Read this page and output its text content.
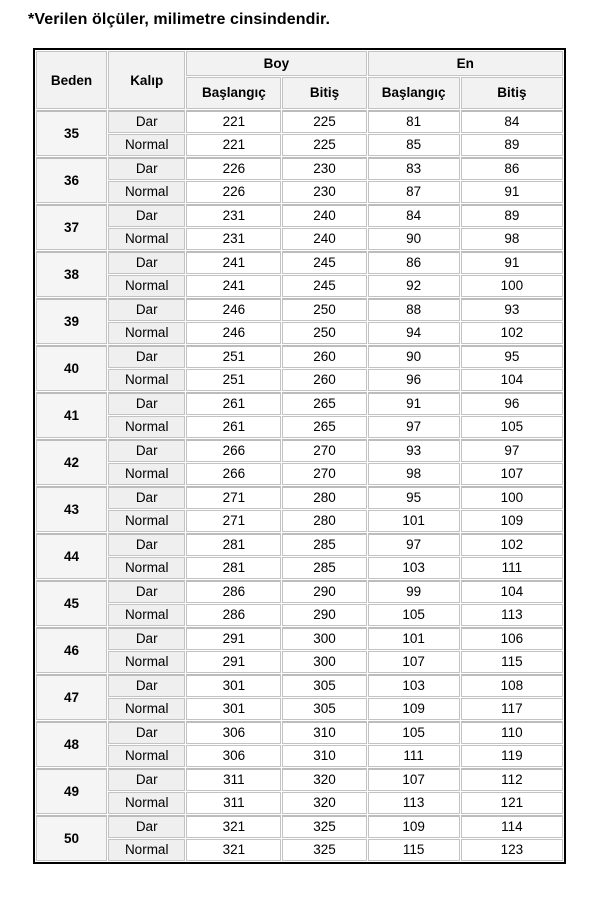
*Verilen ölçüler, milimetre cinsindendir.

Beden	Kalıp	Boy		En	
		Başlangıç	Bitiş	Başlangıç	Bitiş
35	Dar	221	225	81	84
	Normal	221	225	85	89
36	Dar	226	230	83	86
	Normal	226	230	87	91
37	Dar	231	240	84	89
	Normal	231	240	90	98
38	Dar	241	245	86	91
	Normal	241	245	92	100
39	Dar	246	250	88	93
	Normal	246	250	94	102
40	Dar	251	260	90	95
	Normal	251	260	96	104
41	Dar	261	265	91	96
	Normal	261	265	97	105
42	Dar	266	270	93	97
	Normal	266	270	98	107
43	Dar	271	280	95	100
	Normal	271	280	101	109
44	Dar	281	285	97	102
	Normal	281	285	103	111
45	Dar	286	290	99	104
	Normal	286	290	105	113
46	Dar	291	300	101	106
	Normal	291	300	107	115
47	Dar	301	305	103	108
	Normal	301	305	109	117
48	Dar	306	310	105	110
	Normal	306	310	111	119
49	Dar	311	320	107	112
	Normal	311	320	113	121
50	Dar	321	325	109	114
	Normal	321	325	115	123
